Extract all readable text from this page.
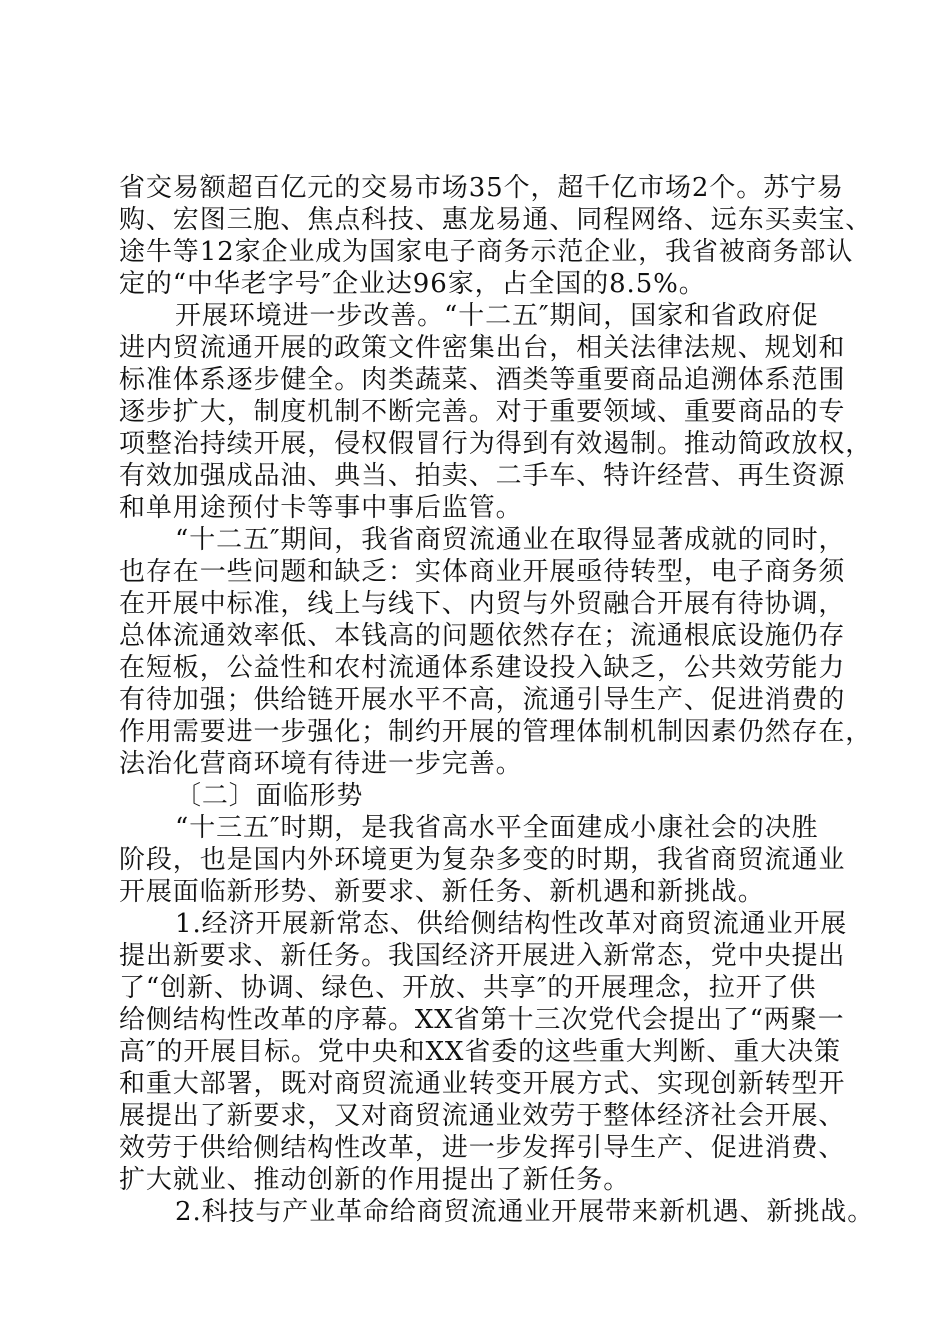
省交易额超百亿元的交易市场35个，超千亿市场2个。苏宁易
购、宏图三胞、焦点科技、惠龙易通、同程网络、远东买卖宝、
途牛等12家企业成为国家电子商务示范企业，我省被商务部认
定的“中华老字号″企业达96家，占全国的8.5%。
开展环境进一步改善。“十二五″期间，国家和省政府促
进内贸流通开展的政策文件密集出台，相关法律法规、规划和
标准体系逐步健全。肉类蔬菜、酒类等重要商品追溯体系范围
逐步扩大，制度机制不断完善。对于重要领域、重要商品的专
项整治持续开展，侵权假冒行为得到有效遏制。推动简政放权，
有效加强成品油、典当、拍卖、二手车、特许经营、再生资源
和单用途预付卡等事中事后监管。
“十二五″期间，我省商贸流通业在取得显著成就的同时，
也存在一些问题和缺乏：实体商业开展亟待转型，电子商务须
在开展中标准，线上与线下、内贸与外贸融合开展有待协调，
总体流通效率低、本钱高的问题依然存在；流通根底设施仍存
在短板，公益性和农村流通体系建设投入缺乏，公共效劳能力
有待加强；供给链开展水平不高，流通引导生产、促进消费的
作用需要进一步强化；制约开展的管理体制机制因素仍然存在，
法治化营商环境有待进一步完善。
〔二〕面临形势
“十三五″时期，是我省高水平全面建成小康社会的决胜
阶段，也是国内外环境更为复杂多变的时期，我省商贸流通业
开展面临新形势、新要求、新任务、新机遇和新挑战。
1.经济开展新常态、供给侧结构性改革对商贸流通业开展
提出新要求、新任务。我国经济开展进入新常态，党中央提出
了“创新、协调、绿色、开放、共享″的开展理念，拉开了供
给侧结构性改革的序幕。XX省第十三次党代会提出了“两聚一
高″的开展目标。党中央和XX省委的这些重大判断、重大决策
和重大部署，既对商贸流通业转变开展方式、实现创新转型开
展提出了新要求，又对商贸流通业效劳于整体经济社会开展、
效劳于供给侧结构性改革，进一步发挥引导生产、促进消费、
扩大就业、推动创新的作用提出了新任务。
2.科技与产业革命给商贸流通业开展带来新机遇、新挑战。
